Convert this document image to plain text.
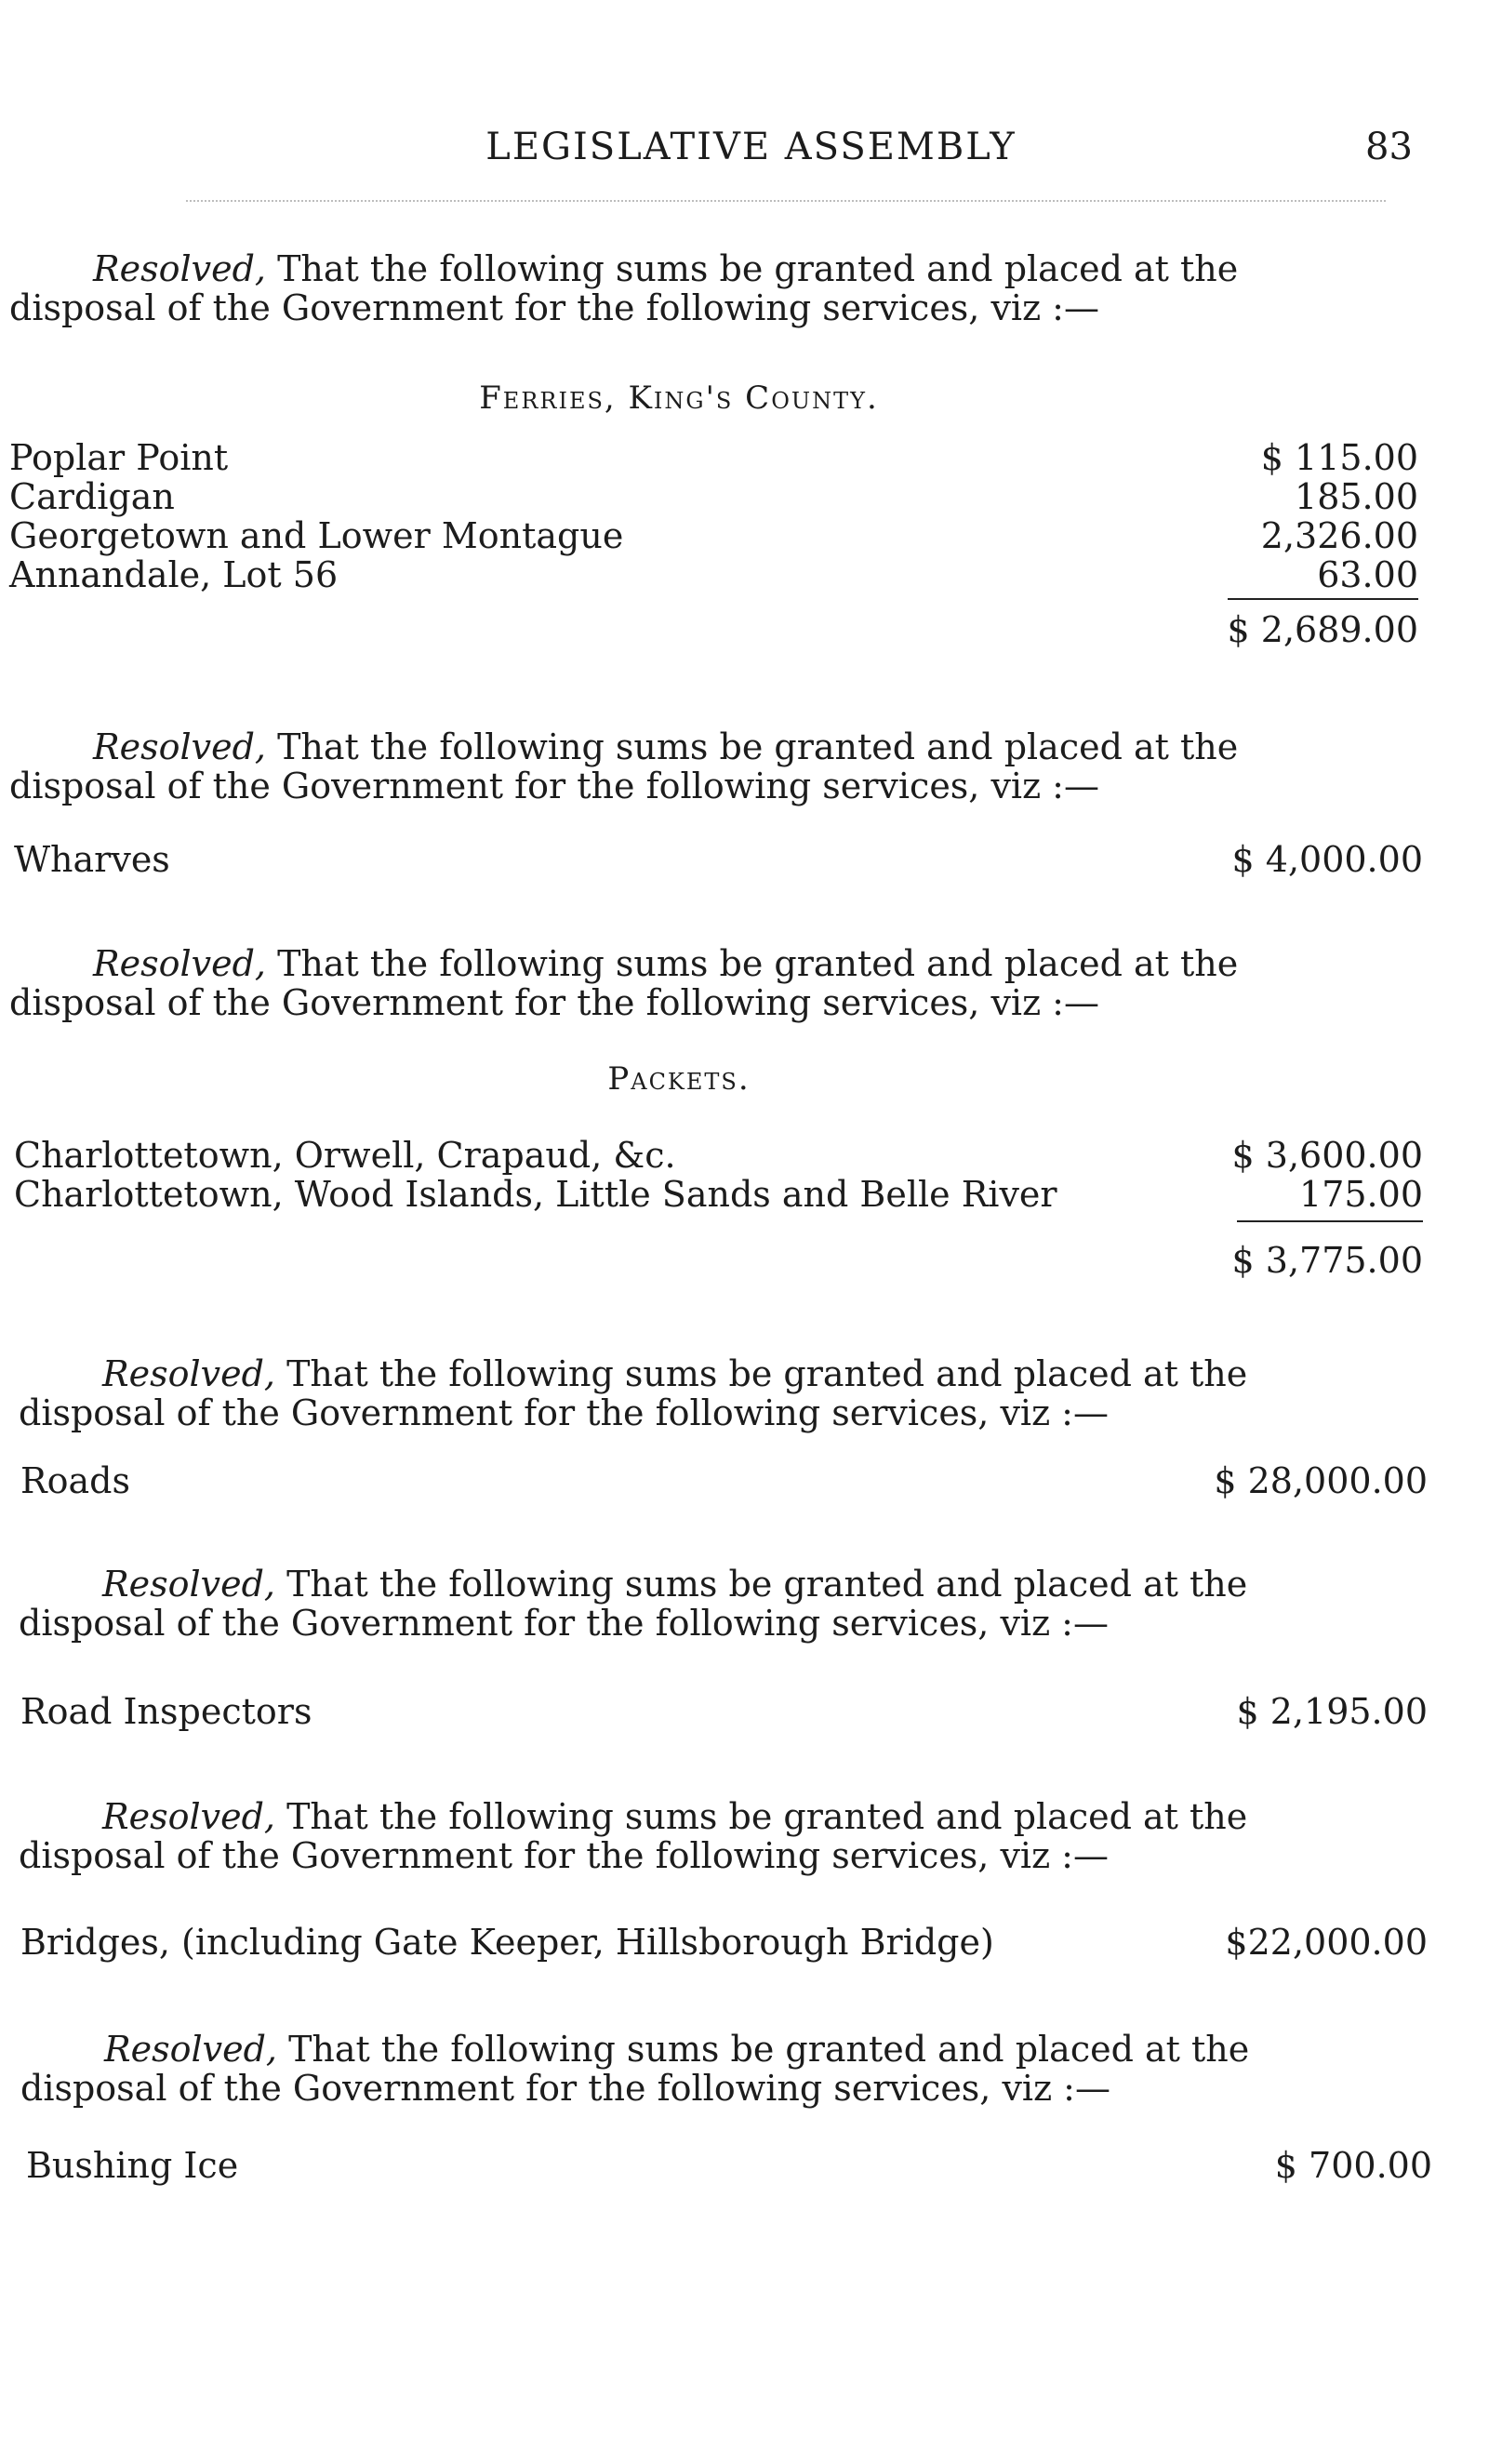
LEGISLATIVE ASSEMBLY	83
Resolved, That the following sums be granted and placed at the
disposal of the Government for the following services, viz :—
Ferries, King's County.
Poplar Point	$ 115.00
Cardigan	185.00
Georgetown and Lower Montague	2,326.00
Annandale, Lot 56	63.00
$ 2,689.00
Resolved, That the following sums be granted and placed at the
disposal of the Government for the following services, viz :—
Wharves	$ 4,000.00
Resolved, That the following sums be granted and placed at the
disposal of the Government for the following services, viz :—
Packets.
Charlottetown, Orwell, Crapaud, &c.	$ 3,600.00
Charlottetown, Wood Islands, Little Sands and Belle River	175.00
$ 3,775.00
Resolved, That the following sums be granted and placed at the
disposal of the Government for the following services, viz :—
Roads	$ 28,000.00
Resolved, That the following sums be granted and placed at the
disposal of the Government for the following services, viz :—
Road Inspectors	$ 2,195.00
Resolved, That the following sums be granted and placed at the
disposal of the Government for the following services, viz :—
Bridges, (including Gate Keeper, Hillsborough Bridge)	$22,000.00
Resolved, That the following sums be granted and placed at the
disposal of the Government for the following services, viz :—
Bushing Ice	$ 700.00
